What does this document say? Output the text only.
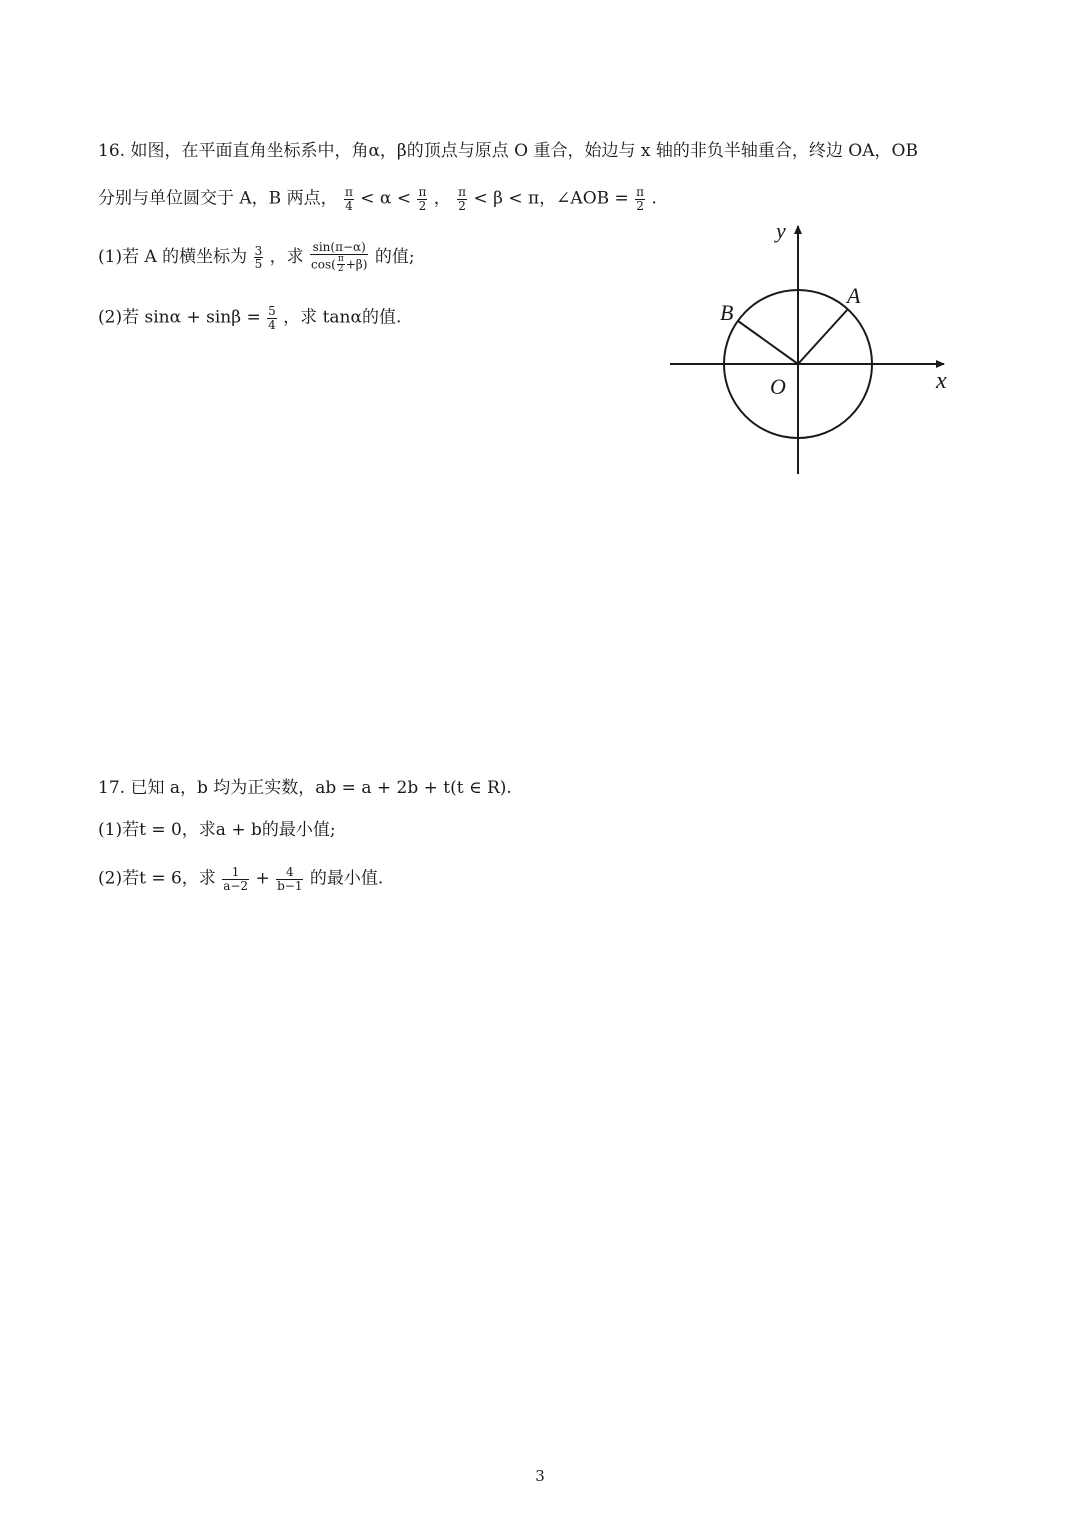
16. 如图，在平面直角坐标系中，角α，β的顶点与原点 O 重合，始边与 x 轴的非负半轴重合，终边 OA，OB
分别与单位圆交于 A，B 两点， $\frac{\pi}{4} < \alpha < \frac{\pi}{2}$ ， $\frac{\pi}{2} < \beta < \pi$，∠AOB = $\frac{\pi}{2}$ .
(1)若 A 的横坐标为 $\frac{3}{5}$ ，求 $\frac{\sin(\pi-\alpha)}{\cos( \frac{\pi}{2} +\beta)}$ 的值;
(2)若 $\sin\alpha + \sin\beta = \frac{5}{4}$ ，求 tanα的值.
y
x
O
A
B
17. 已知 a，b 均为正实数，ab = a + 2b + t(t ∈ R).
(1)若t = 0，求a + b的最小值;
(2)若t = 6，求 $\frac{1}{a-2} + \frac{4}{b-1}$ 的最小值.
3
